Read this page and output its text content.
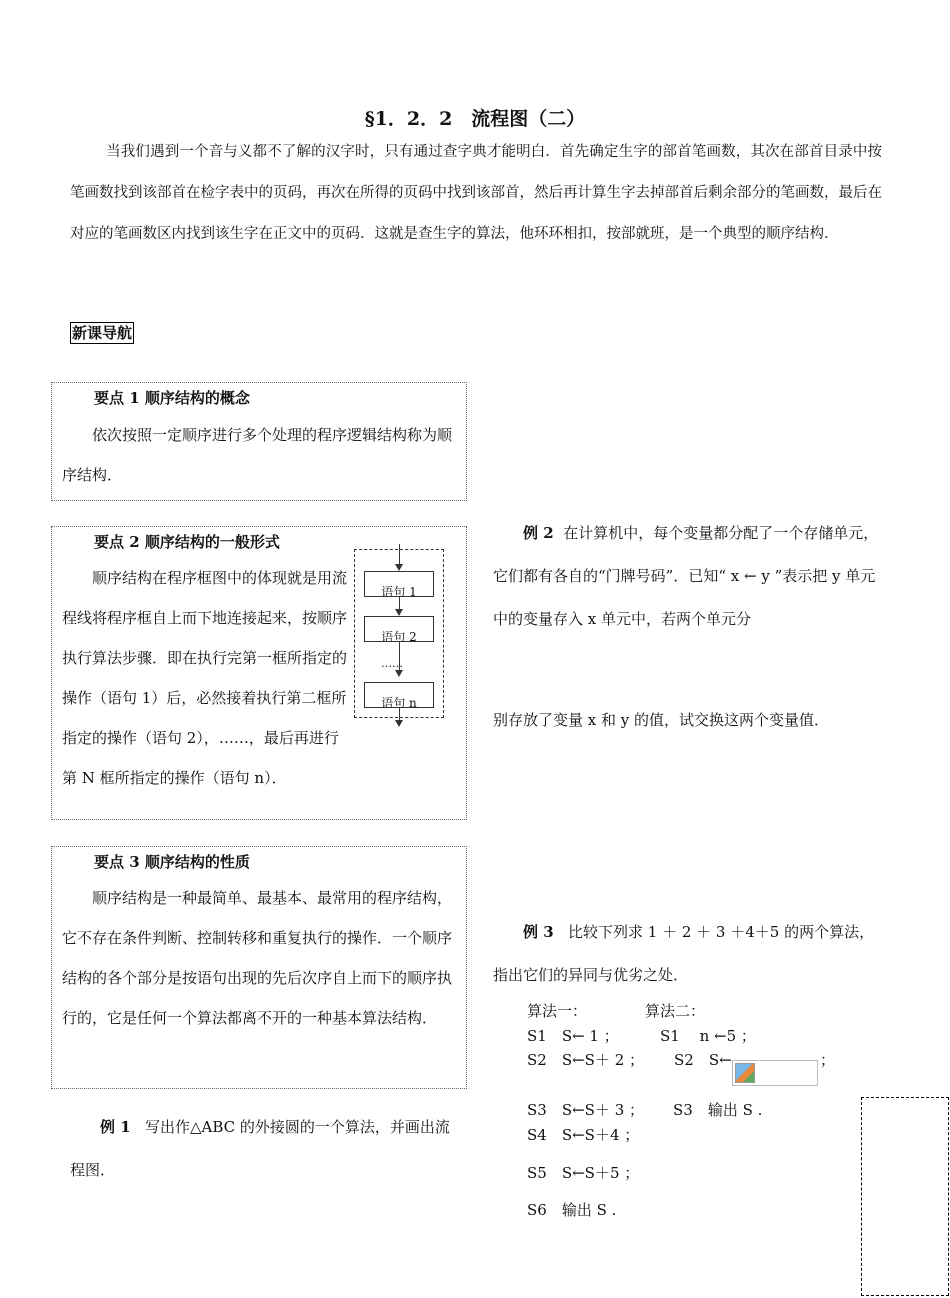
§1．2．2　流程图（二）
当我们遇到一个音与义都不了解的汉字时，只有通过查字典才能明白．首先确定生字的部首笔画数，其次在部首目录中按笔画数找到该部首在检字表中的页码，再次在所得的页码中找到该部首，然后再计算生字去掉部首后剩余部分的笔画数，最后在对应的笔画数区内找到该生字在正文中的页码．这就是查生字的算法，他环环相扣，按部就班，是一个典型的顺序结构．
新课导航
要点 1 顺序结构的概念
依次按照一定顺序进行多个处理的程序逻辑结构称为顺序结构．
要点 2 顺序结构的一般形式
顺序结构在程序框图中的体现就是用流程线将程序框自上而下地连接起来，按顺序执行算法步骤．即在执行完第一框所指定的操作（语句 1）后，必然接着执行第二框所指定的操作（语句 2），……，最后再进行第 N 框所指定的操作（语句 n）．
语句 1
语句 2
……
语句 n
要点 3 顺序结构的性质
顺序结构是一种最简单、最基本、最常用的程序结构，它不存在条件判断、控制转移和重复执行的操作．一个顺序结构的各个部分是按语句出现的先后次序自上而下的顺序执行的，它是任何一个算法都离不开的一种基本算法结构．
例 1 写出作△ABC 的外接圆的一个算法，并画出流程图．
例 2 在计算机中，每个变量都分配了一个存储单元，它们都有各自的“门牌号码”．已知“ x ← y ”表示把 y 单元中的变量存入 x 单元中，若两个单元分
别存放了变量 x 和 y 的值，试交换这两个变量值．
例 3 比较下列求 1 ＋ 2 ＋ 3 ＋4＋5 的两个算法，指出它们的异同与优劣之处．
算法一：	算法二：
S1　S← 1 ；	S1　 n ←5 ；
S2　S←S＋ 2 ； S2　S←	；
S3　S←S＋ 3 ； S3　输出 S .
S4　S←S＋4 ；
S5　S←S＋5 ；
S6　输出 S .
